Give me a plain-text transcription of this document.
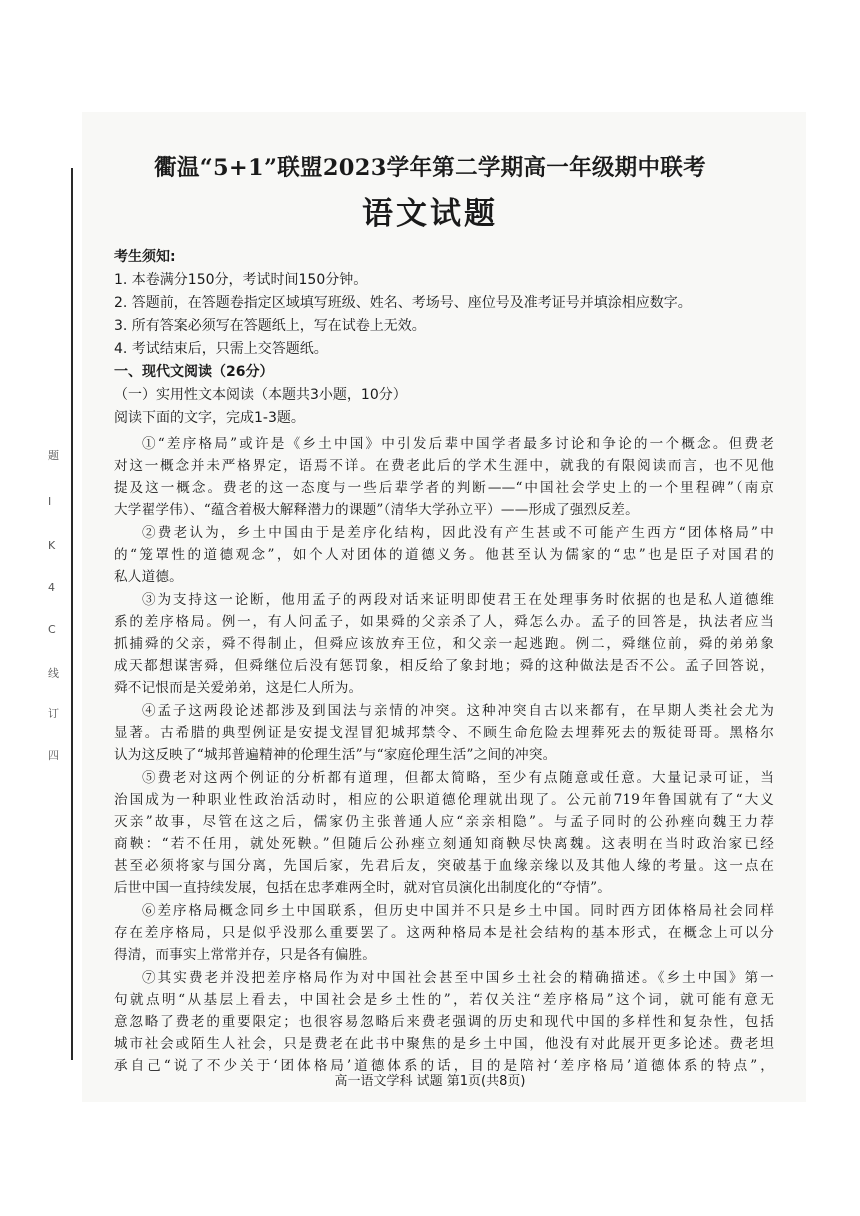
题
I
K
4
C
线
订
四
衢温“5+1”联盟2023学年第二学期高一年级期中联考
语文试题
考生须知:
1. 本卷满分150分，考试时间150分钟。
2. 答题前，在答题卷指定区域填写班级、姓名、考场号、座位号及准考证号并填涂相应数字。
3. 所有答案必须写在答题纸上，写在试卷上无效。
4. 考试结束后，只需上交答题纸。
一、现代文阅读（26分）
（一）实用性文本阅读（本题共3小题，10分）
阅读下面的文字，完成1-3题。
①“差序格局”或许是《乡土中国》中引发后辈中国学者最多讨论和争论的一个概念。但费老
对这一概念并未严格界定，语焉不详。在费老此后的学术生涯中，就我的有限阅读而言，也不见他
提及这一概念。费老的这一态度与一些后辈学者的判断——“中国社会学史上的一个里程碑”（南京
大学翟学伟）、“蕴含着极大解释潜力的课题”（清华大学孙立平）——形成了强烈反差。
②费老认为，乡土中国由于是差序化结构，因此没有产生甚或不可能产生西方“团体格局”中
的“笼罩性的道德观念”，如个人对团体的道德义务。他甚至认为儒家的“忠”也是臣子对国君的
私人道德。
③为支持这一论断，他用孟子的两段对话来证明即使君王在处理事务时依据的也是私人道德维
系的差序格局。例一，有人问孟子，如果舜的父亲杀了人，舜怎么办。孟子的回答是，执法者应当
抓捕舜的父亲，舜不得制止，但舜应该放弃王位，和父亲一起逃跑。例二，舜继位前，舜的弟弟象
成天都想谋害舜，但舜继位后没有惩罚象，相反给了象封地；舜的这种做法是否不公。孟子回答说，
舜不记恨而是关爱弟弟，这是仁人所为。
④孟子这两段论述都涉及到国法与亲情的冲突。这种冲突自古以来都有，在早期人类社会尤为
显著。古希腊的典型例证是安提戈涅冒犯城邦禁令、不顾生命危险去埋葬死去的叛徒哥哥。黑格尔
认为这反映了“城邦普遍精神的伦理生活”与“家庭伦理生活”之间的冲突。
⑤费老对这两个例证的分析都有道理，但都太简略，至少有点随意或任意。大量记录可证，当
治国成为一种职业性政治活动时，相应的公职道德伦理就出现了。公元前719年鲁国就有了“大义
灭亲”故事，尽管在这之后，儒家仍主张普通人应“亲亲相隐”。与孟子同时的公孙痤向魏王力荐
商鞅：“若不任用，就处死鞅。”但随后公孙痤立刻通知商鞅尽快离魏。这表明在当时政治家已经
甚至必须将家与国分离，先国后家，先君后友，突破基于血缘亲缘以及其他人缘的考量。这一点在
后世中国一直持续发展，包括在忠孝难两全时，就对官员演化出制度化的“夺情”。
⑥差序格局概念同乡土中国联系，但历史中国并不只是乡土中国。同时西方团体格局社会同样
存在差序格局，只是似乎没那么重要罢了。这两种格局本是社会结构的基本形式，在概念上可以分
得清，而事实上常常并存，只是各有偏胜。
⑦其实费老并没把差序格局作为对中国社会甚至中国乡土社会的精确描述。《乡土中国》第一
句就点明“从基层上看去，中国社会是乡土性的”，若仅关注“差序格局”这个词，就可能有意无
意忽略了费老的重要限定；也很容易忽略后来费老强调的历史和现代中国的多样性和复杂性，包括
城市社会或陌生人社会，只是费老在此书中聚焦的是乡土中国，他没有对此展开更多论述。费老坦
承自己“说了不少关于‘团体格局’道德体系的话，目的是陪衬‘差序格局’道德体系的特点”，
高一语文学科 试题 第1页(共8页)
